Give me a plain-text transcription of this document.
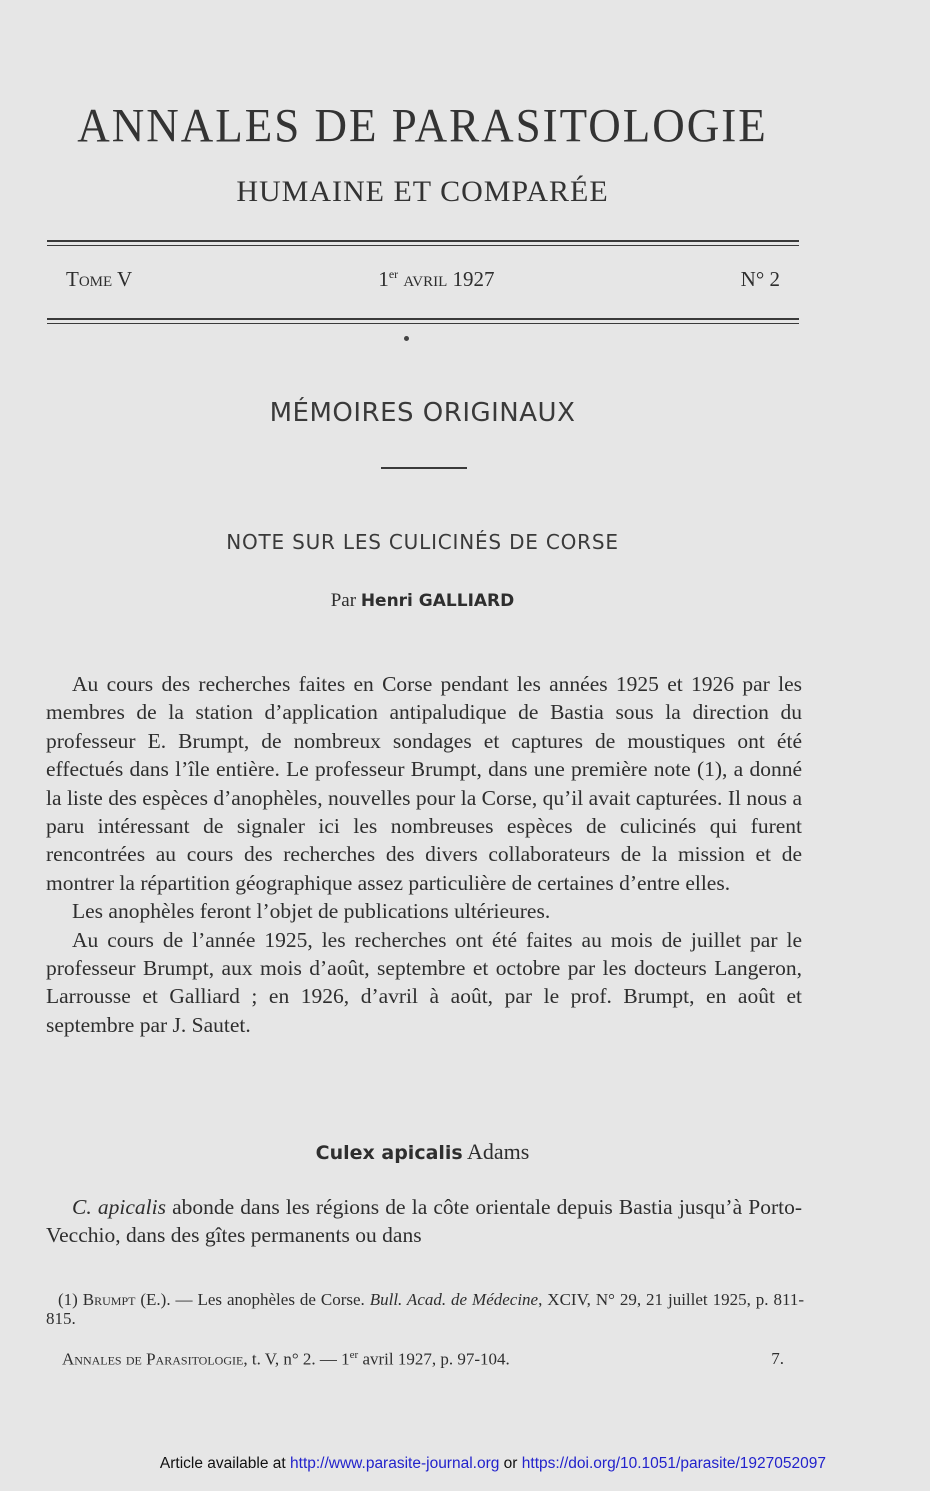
ANNALES DE PARASITOLOGIE
HUMAINE ET COMPARÉE
Tome V	1er avril 1927	N° 2
MÉMOIRES ORIGINAUX
NOTE SUR LES CULICINÉS DE CORSE
Par Henri GALLIARD

Au cours des recherches faites en Corse pendant les années 1925 et 1926 par les membres de la station d’application antipaludique de Bastia sous la direction du professeur E. Brumpt, de nombreux sondages et captures de moustiques ont été effectués dans l’île entière. Le professeur Brumpt, dans une première note (1), a donné la liste des espèces d’anophèles, nouvelles pour la Corse, qu’il avait capturées. Il nous a paru intéressant de signaler ici les nombreuses espèces de culicinés qui furent rencontrées au cours des recherches des divers collaborateurs de la mission et de montrer la répartition géographique assez particulière de certaines d’entre elles.

Les anophèles feront l’objet de publications ultérieures.

Au cours de l’année 1925, les recherches ont été faites au mois de juillet par le professeur Brumpt, aux mois d’août, septembre et octobre par les docteurs Langeron, Larrousse et Galliard ; en 1926, d’avril à août, par le prof. Brumpt, en août et septembre par J. Sautet.

Culex apicalis Adams

C. apicalis abonde dans les régions de la côte orientale depuis Bastia jusqu’à Porto-Vecchio, dans des gîtes permanents ou dans

(1) Brumpt (E.). — Les anophèles de Corse. Bull. Acad. de Médecine, XCIV, N° 29, 21 juillet 1925, p. 811-815.
Annales de Parasitologie, t. V, n° 2. — 1er avril 1927, p. 97-104.	7.
Article available at http://www.parasite-journal.org or https://doi.org/10.1051/parasite/1927052097
